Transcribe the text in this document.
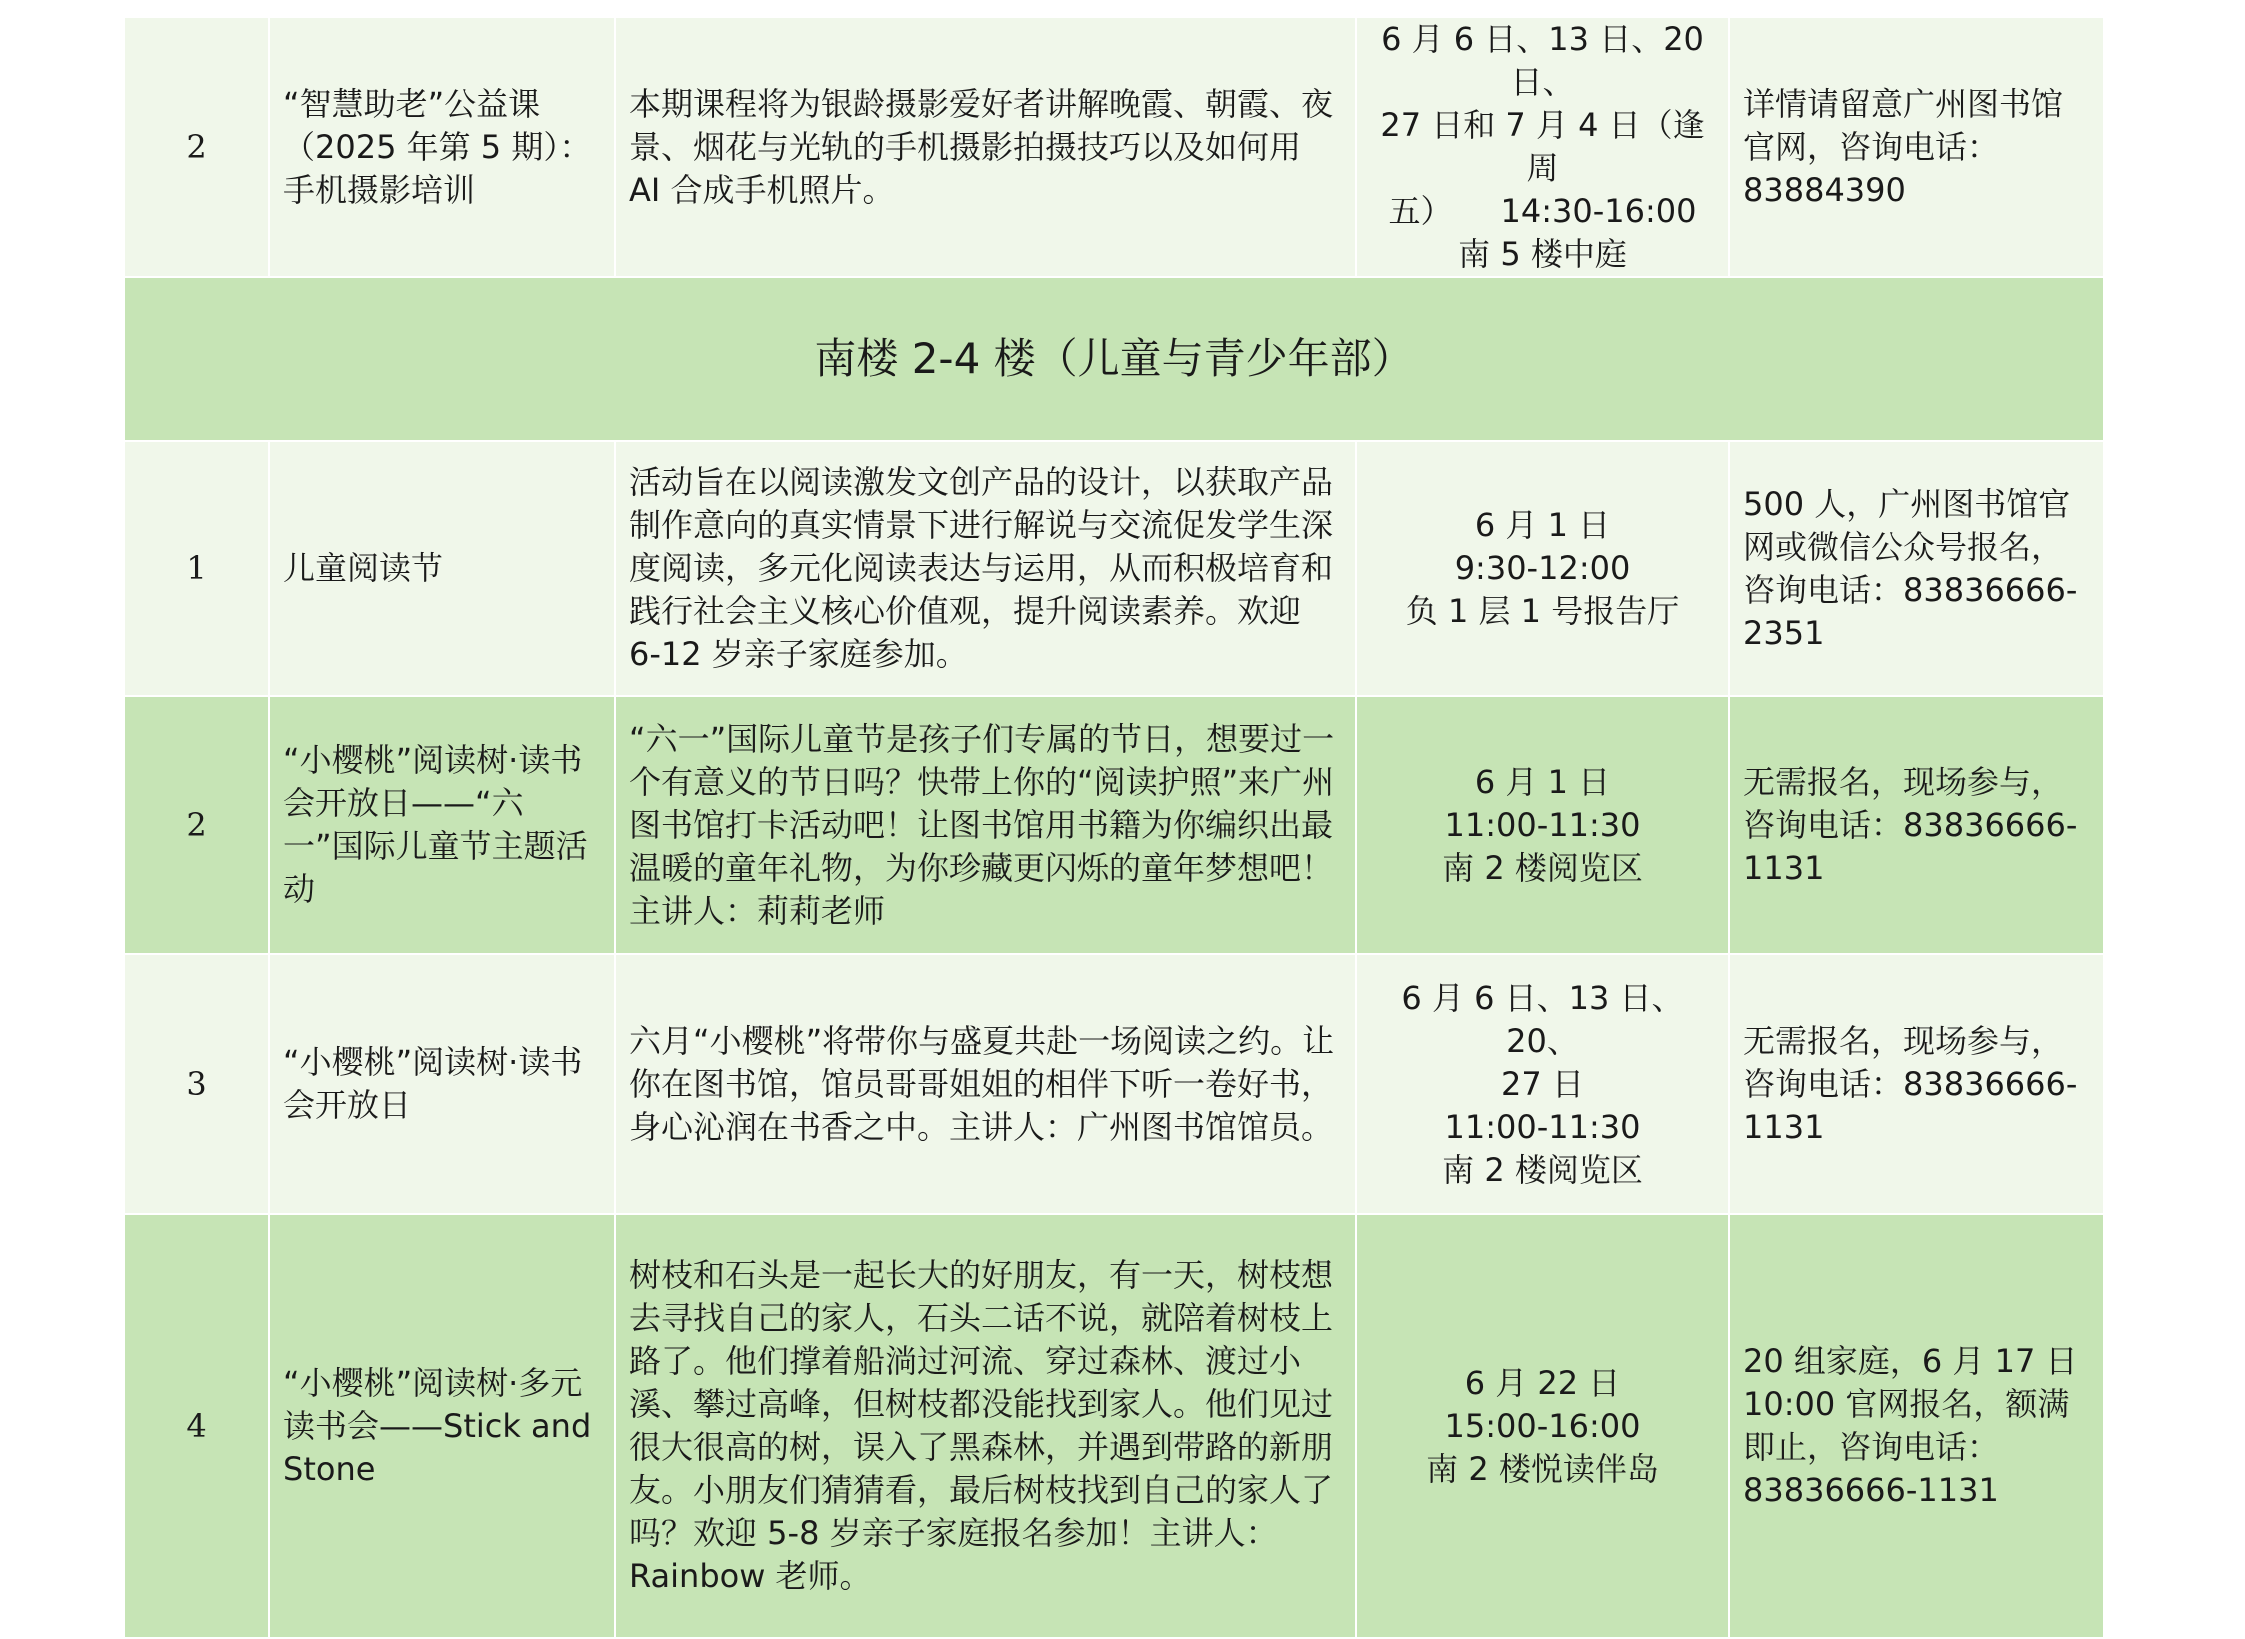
2	“智慧助老”公益课
（2025 年第 5 期）：
手机摄影培训	本期课程将为银龄摄影爱好者讲解晚霞、朝霞、夜景、烟花与光轨的手机摄影拍摄技巧以及如何用 AI 合成手机照片。	6 月 6 日、13 日、20 日、
27 日和 7 月 4 日（逢周
五）　　14:30-16:00
南 5 楼中庭	详情请留意广州图书馆官网，咨询电话：83884390
南楼 2-4 楼（儿童与青少年部）				
1	儿童阅读节	活动旨在以阅读激发文创产品的设计，以获取产品制作意向的真实情景下进行解说与交流促发学生深度阅读，多元化阅读表达与运用，从而积极培育和践行社会主义核心价值观，提升阅读素养。欢迎 6-12 岁亲子家庭参加。	6 月 1 日
9:30-12:00
负 1 层 1 号报告厅	500 人，广州图书馆官网或微信公众号报名，咨询电话：83836666-2351
2	“小樱桃”阅读树·读书会开放日——“六一”国际儿童节主题活动	“六一”国际儿童节是孩子们专属的节日，想要过一个有意义的节日吗？快带上你的“阅读护照”来广州图书馆打卡活动吧！让图书馆用书籍为你编织出最温暖的童年礼物，为你珍藏更闪烁的童年梦想吧！主讲人：莉莉老师	6 月 1 日
11:00-11:30
南 2 楼阅览区	无需报名，现场参与，咨询电话：83836666-1131
3	“小樱桃”阅读树·读书会开放日	六月“小樱桃”将带你与盛夏共赴一场阅读之约。让你在图书馆，馆员哥哥姐姐的相伴下听一卷好书，身心沁润在书香之中。主讲人：广州图书馆馆员。	6 月 6 日、13 日、20、
27 日
11:00-11:30
南 2 楼阅览区	无需报名，现场参与，咨询电话：83836666-1131
4	“小樱桃”阅读树·多元读书会——Stick and Stone	树枝和石头是一起长大的好朋友，有一天，树枝想去寻找自己的家人，石头二话不说，就陪着树枝上路了。他们撑着船淌过河流、穿过森林、渡过小溪、攀过高峰，但树枝都没能找到家人。他们见过很大很高的树，误入了黑森林，并遇到带路的新朋友。小朋友们猜猜看，最后树枝找到自己的家人了吗？欢迎 5-8 岁亲子家庭报名参加！主讲人：Rainbow 老师。	6 月 22 日
15:00-16:00
南 2 楼悦读伴岛	20 组家庭，6 月 17 日 10:00 官网报名，额满即止，咨询电话：83836666-1131
